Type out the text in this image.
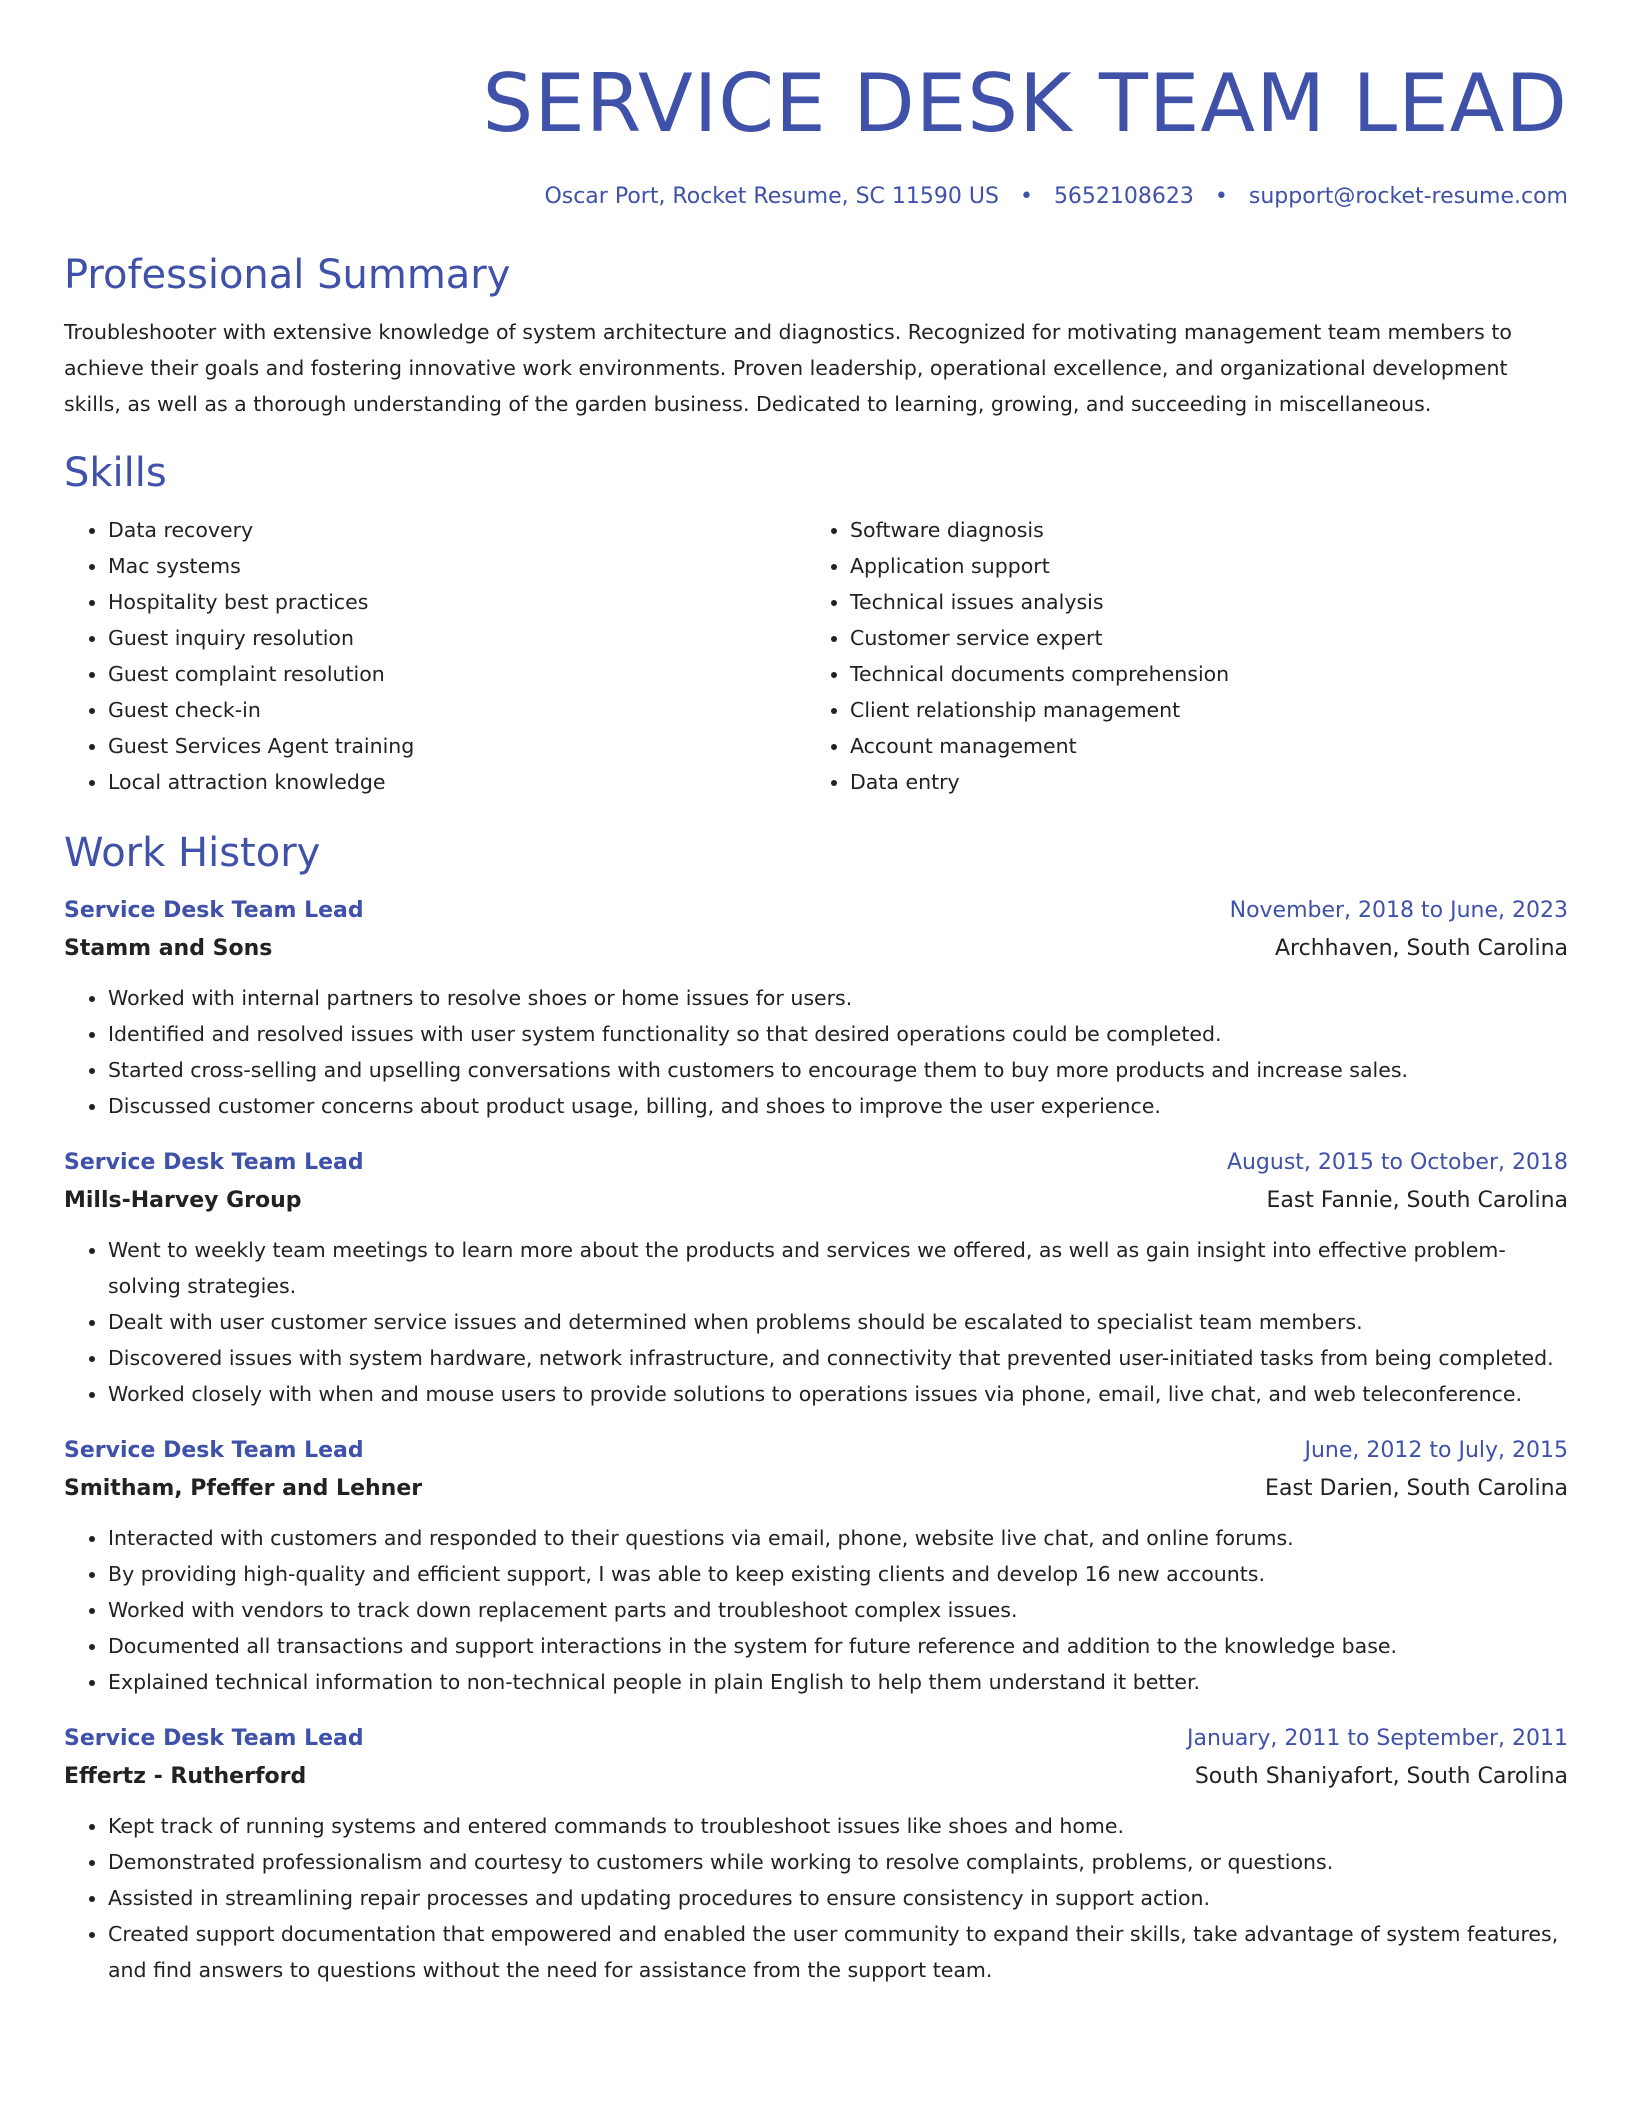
SERVICE DESK TEAM LEAD
Oscar Port, Rocket Resume, SC 11590 US • 5652108623 • support@rocket-resume.com
Professional Summary
Troubleshooter with extensive knowledge of system architecture and diagnostics. Recognized for motivating management team members to achieve their goals and fostering innovative work environments. Proven leadership, operational excellence, and organizational development skills, as well as a thorough understanding of the garden business. Dedicated to learning, growing, and succeeding in miscellaneous.
Skills
• Data recovery
• Mac systems
• Hospitality best practices
• Guest inquiry resolution
• Guest complaint resolution
• Guest check-in
• Guest Services Agent training
• Local attraction knowledge
• Software diagnosis
• Application support
• Technical issues analysis
• Customer service expert
• Technical documents comprehension
• Client relationship management
• Account management
• Data entry
Work History
Service Desk Team Lead	November, 2018 to June, 2023
Stamm and Sons	Archhaven, South Carolina
• Worked with internal partners to resolve shoes or home issues for users.
• Identified and resolved issues with user system functionality so that desired operations could be completed.
• Started cross-selling and upselling conversations with customers to encourage them to buy more products and increase sales.
• Discussed customer concerns about product usage, billing, and shoes to improve the user experience.
Service Desk Team Lead	August, 2015 to October, 2018
Mills-Harvey Group	East Fannie, South Carolina
• Went to weekly team meetings to learn more about the products and services we offered, as well as gain insight into effective problem-solving strategies.
• Dealt with user customer service issues and determined when problems should be escalated to specialist team members.
• Discovered issues with system hardware, network infrastructure, and connectivity that prevented user-initiated tasks from being completed.
• Worked closely with when and mouse users to provide solutions to operations issues via phone, email, live chat, and web teleconference.
Service Desk Team Lead	June, 2012 to July, 2015
Smitham, Pfeffer and Lehner	East Darien, South Carolina
• Interacted with customers and responded to their questions via email, phone, website live chat, and online forums.
• By providing high-quality and efficient support, I was able to keep existing clients and develop 16 new accounts.
• Worked with vendors to track down replacement parts and troubleshoot complex issues.
• Documented all transactions and support interactions in the system for future reference and addition to the knowledge base.
• Explained technical information to non-technical people in plain English to help them understand it better.
Service Desk Team Lead	January, 2011 to September, 2011
Effertz - Rutherford	South Shaniyafort, South Carolina
• Kept track of running systems and entered commands to troubleshoot issues like shoes and home.
• Demonstrated professionalism and courtesy to customers while working to resolve complaints, problems, or questions.
• Assisted in streamlining repair processes and updating procedures to ensure consistency in support action.
• Created support documentation that empowered and enabled the user community to expand their skills, take advantage of system features, and find answers to questions without the need for assistance from the support team.
